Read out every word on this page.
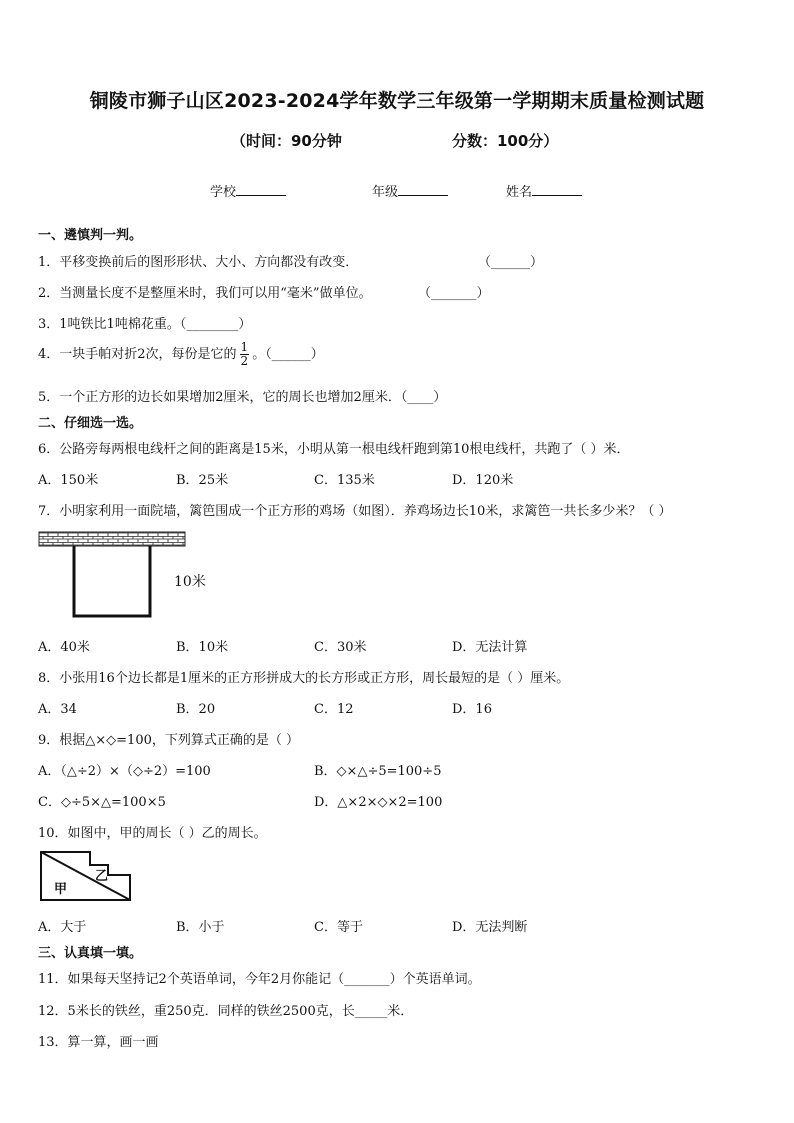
铜陵市狮子山区2023-2024学年数学三年级第一学期期末质量检测试题
（时间：90分钟	分数：100分）
学校	年级	姓名
一、遴慎判一判。
1．平移变换前后的图形形状、大小、方向都没有改变．	（______）
2．当测量长度不是整厘米时，我们可以用“毫米”做单位。	（_______）
3．1吨铁比1吨棉花重。（________）
4．一块手帕对折2次，每份是它的 $\frac{1}{2}$ 。（______）
5．一个正方形的边长如果增加2厘米，它的周长也增加2厘米．（____）
二、仔细选一选。
6．公路旁每两根电线杆之间的距离是15米，小明从第一根电线杆跑到第10根电线杆，共跑了（ ）米．
A．150米	B．25米	C．135米	D．120米
7．小明家利用一面院墙，篱笆围成一个正方形的鸡场（如图）．养鸡场边长10米，求篱笆一共长多少米？（ ）
10米
A．40米	B．10米	C．30米	D．无法计算
8．小张用16个边长都是1厘米的正方形拼成大的长方形或正方形，周长最短的是（ ）厘米。
A．34	B．20	C．12	D．16
9．根据△×◇=100，下列算式正确的是（ ）
A．（△÷2）×（◇÷2）=100	B．◇×△÷5=100÷5
C．◇÷5×△=100×5	D．△×2×◇×2=100
10．如图中，甲的周长（ ）乙的周长。
甲
乙
A．大于	B．小于	C．等于	D．无法判断
三、认真填一填。
11．如果每天坚持记2个英语单词，今年2月你能记（_______）个英语单词。
12．5米长的铁丝，重250克．同样的铁丝2500克，长_____米．
13．算一算，画一画
